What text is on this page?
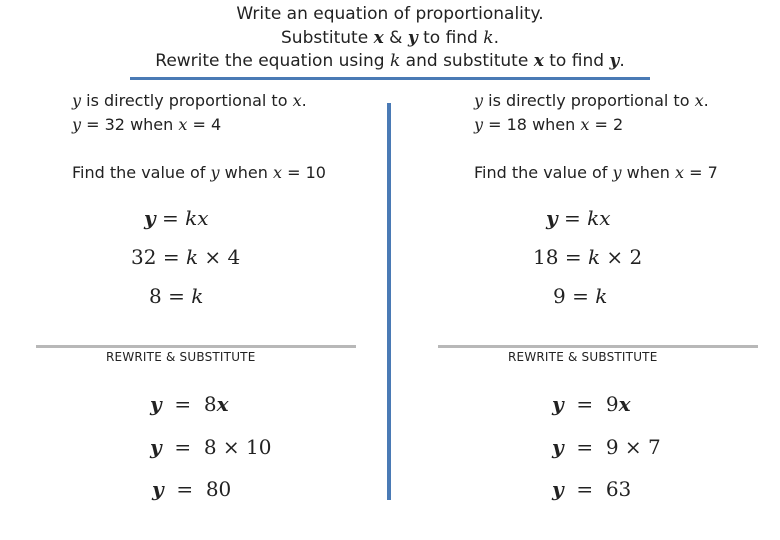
Write an equation of proportionality.
Substitute x & y to find k.
Rewrite the equation using k and substitute x to find y.
y is directly proportional to x.
y = 32 when x = 4
Find the value of y when x = 10
y = kx
32 = k × 4
8 = k
REWRITE & SUBSTITUTE
y = 8x
y = 8 × 10
y = 80
y is directly proportional to x.
y = 18 when x = 2
Find the value of y when x = 7
y = kx
18 = k × 2
9 = k
REWRITE & SUBSTITUTE
y = 9x
y = 9 × 7
y = 63
